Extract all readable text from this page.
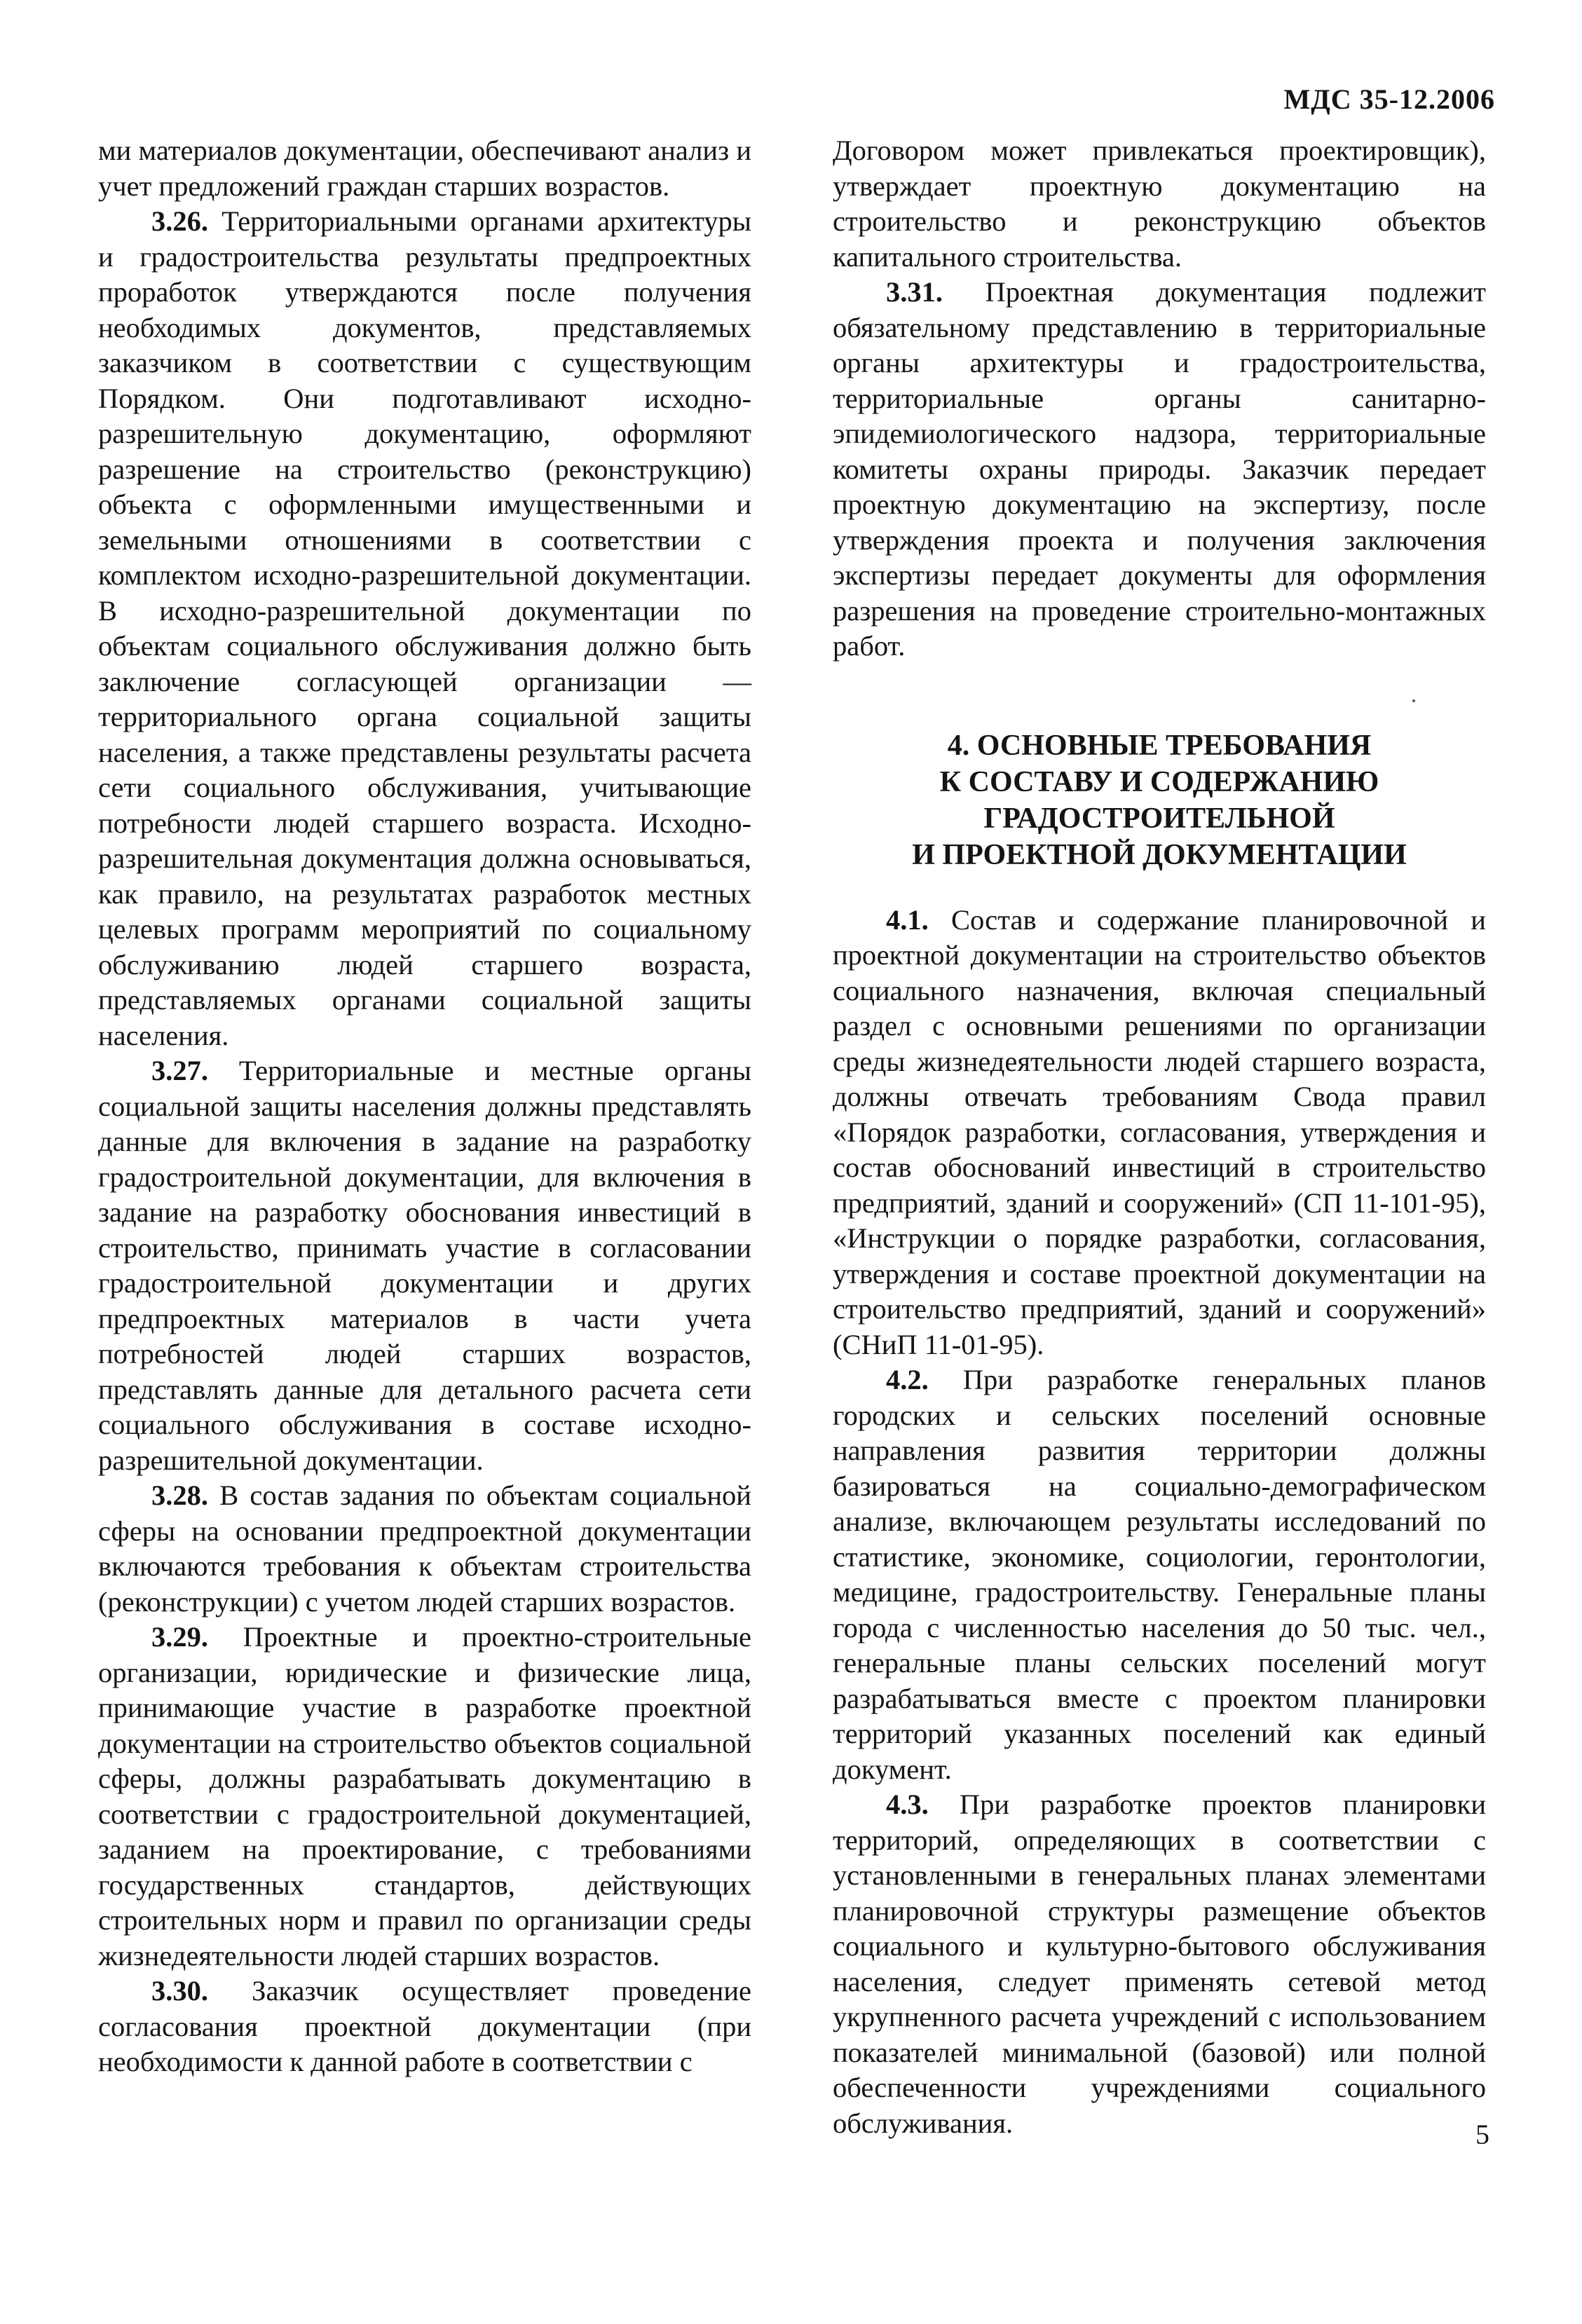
МДС 35-12.2006

ми материалов документации, обеспечивают анализ и учет предложений граждан старших возрастов.

3.26. Территориальными органами архитектуры и градостроительства результаты предпроектных проработок утверждаются после получения необходимых документов, представляемых заказчиком в соответствии с существующим Порядком. Они подготавливают исходно-разрешительную документацию, оформляют разрешение на строительство (реконструкцию) объекта с оформленными имущественными и земельными отношениями в соответствии с комплектом исходно-разрешительной документации. В исходно-разрешительной документации по объектам социального обслуживания должно быть заключение согласующей организации — территориального органа социальной защиты населения, а также представлены результаты расчета сети социального обслуживания, учитывающие потребности людей старшего возраста. Исходно-разрешительная документация должна основываться, как правило, на результатах разработок местных целевых программ мероприятий по социальному обслуживанию людей старшего возраста, представляемых органами социальной защиты населения.

3.27. Территориальные и местные органы социальной защиты населения должны представлять данные для включения в задание на разработку градостроительной документации, для включения в задание на разработку обоснования инвестиций в строительство, принимать участие в согласовании градостроительной документации и других предпроектных материалов в части учета потребностей людей старших возрастов, представлять данные для детального расчета сети социального обслуживания в составе исходно-разрешительной документации.

3.28. В состав задания по объектам социальной сферы на основании предпроектной документации включаются требования к объектам строительства (реконструкции) с учетом людей старших возрастов.

3.29. Проектные и проектно-строительные организации, юридические и физические лица, принимающие участие в разработке проектной документации на строительство объектов социальной сферы, должны разрабатывать документацию в соответствии с градостроительной документацией, заданием на проектирование, с требованиями государственных стандартов, действующих строительных норм и правил по организации среды жизнедеятельности людей старших возрастов.

3.30. Заказчик осуществляет проведение согласования проектной документации (при необходимости к данной работе в соответствии с

Договором может привлекаться проектировщик), утверждает проектную документацию на строительство и реконструкцию объектов капитального строительства.

3.31. Проектная документация подлежит обязательному представлению в территориальные органы архитектуры и градостроительства, территориальные органы санитарно-эпидемиологического надзора, территориальные комитеты охраны природы. Заказчик передает проектную документацию на экспертизу, после утверждения проекта и получения заключения экспертизы передает документы для оформления разрешения на проведение строительно-монтажных работ.

4. ОСНОВНЫЕ ТРЕБОВАНИЯ
К СОСТАВУ И СОДЕРЖАНИЮ
ГРАДОСТРОИТЕЛЬНОЙ
И ПРОЕКТНОЙ ДОКУМЕНТАЦИИ

4.1. Состав и содержание планировочной и проектной документации на строительство объектов социального назначения, включая специальный раздел с основными решениями по организации среды жизнедеятельности людей старшего возраста, должны отвечать требованиям Свода правил «Порядок разработки, согласования, утверждения и состав обоснований инвестиций в строительство предприятий, зданий и сооружений» (СП 11-101-95), «Инструкции о порядке разработки, согласования, утверждения и составе проектной документации на строительство предприятий, зданий и сооружений» (СНиП 11-01-95).

4.2. При разработке генеральных планов городских и сельских поселений основные направления развития территории должны базироваться на социально-демографическом анализе, включающем результаты исследований по статистике, экономике, социологии, геронтологии, медицине, градостроительству. Генеральные планы города с численностью населения до 50 тыс. чел., генеральные планы сельских поселений могут разрабатываться вместе с проектом планировки территорий указанных поселений как единый документ.

4.3. При разработке проектов планировки территорий, определяющих в соответствии с установленными в генеральных планах элементами планировочной структуры размещение объектов социального и культурно-бытового обслуживания населения, следует применять сетевой метод укрупненного расчета учреждений с использованием показателей минимальной (базовой) или полной обеспеченности учреждениями социального обслуживания.	5
